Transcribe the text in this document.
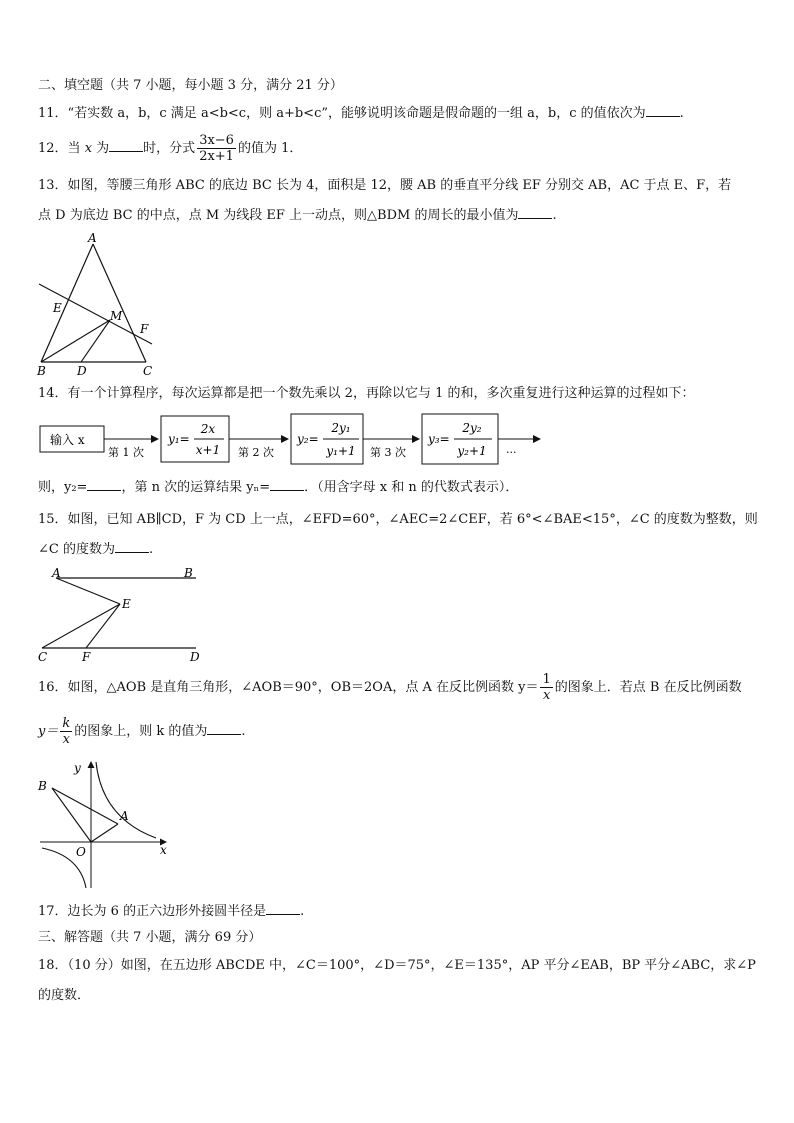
二、填空题（共 7 小题，每小题 3 分，满分 21 分）
11．“若实数 a，b，c 满足 a<b<c，则 a+b<c”，能够说明该命题是假命题的一组 a，b，c 的值依次为	.
12．当 x 为	时，分式 $\frac{3x-6}{2x+1}$ 的值为 1．
13．如图，等腰三角形 ABC 的底边 BC 长为 4，面积是 12，腰 AB 的垂直平分线 EF 分别交 AB，AC 于点 E、F，若
点 D 为底边 BC 的中点，点 M 为线段 EF 上一动点，则△BDM 的周长的最小值为	.
A
E
M
F
B	D	C
14．有一个计算程序，每次运算都是把一个数先乘以 2，再除以它与 1 的和，多次重复进行这种运算的过程如下：
输入 x
第 1 次
y₁=
2x
x+1 第 2 次
y₂=
2y₁
y₁+1 第 3 次
y₃=
2y₂
y₂+1 ···
则，y₂=	，第 n 次的运算结果 yₙ=	．（用含字母 x 和 n 的代数式表示）．
15．如图，已知 AB∥CD，F 为 CD 上一点，∠EFD=60°，∠AEC=2∠CEF，若 6°<∠BAE<15°，∠C 的度数为整数，则
∠C 的度数为	.
A	B
E
C	F	D
16．如图，△AOB 是直角三角形，∠AOB＝90°，OB＝2OA，点 A 在反比例函数 $y= \frac{1}{x}$ 的图象上．若点 B 在反比例函数
$y= \frac{k}{x}$ 的图象上，则 k 的值为	.
y
B
A
O	x
17．边长为 6 的正六边形外接圆半径是	.
三、解答题（共 7 小题，满分 69 分）
18．（10 分）如图，在五边形 ABCDE 中，∠C＝100°，∠D＝75°，∠E＝135°，AP 平分∠EAB，BP 平分∠ABC，求∠P
的度数．
